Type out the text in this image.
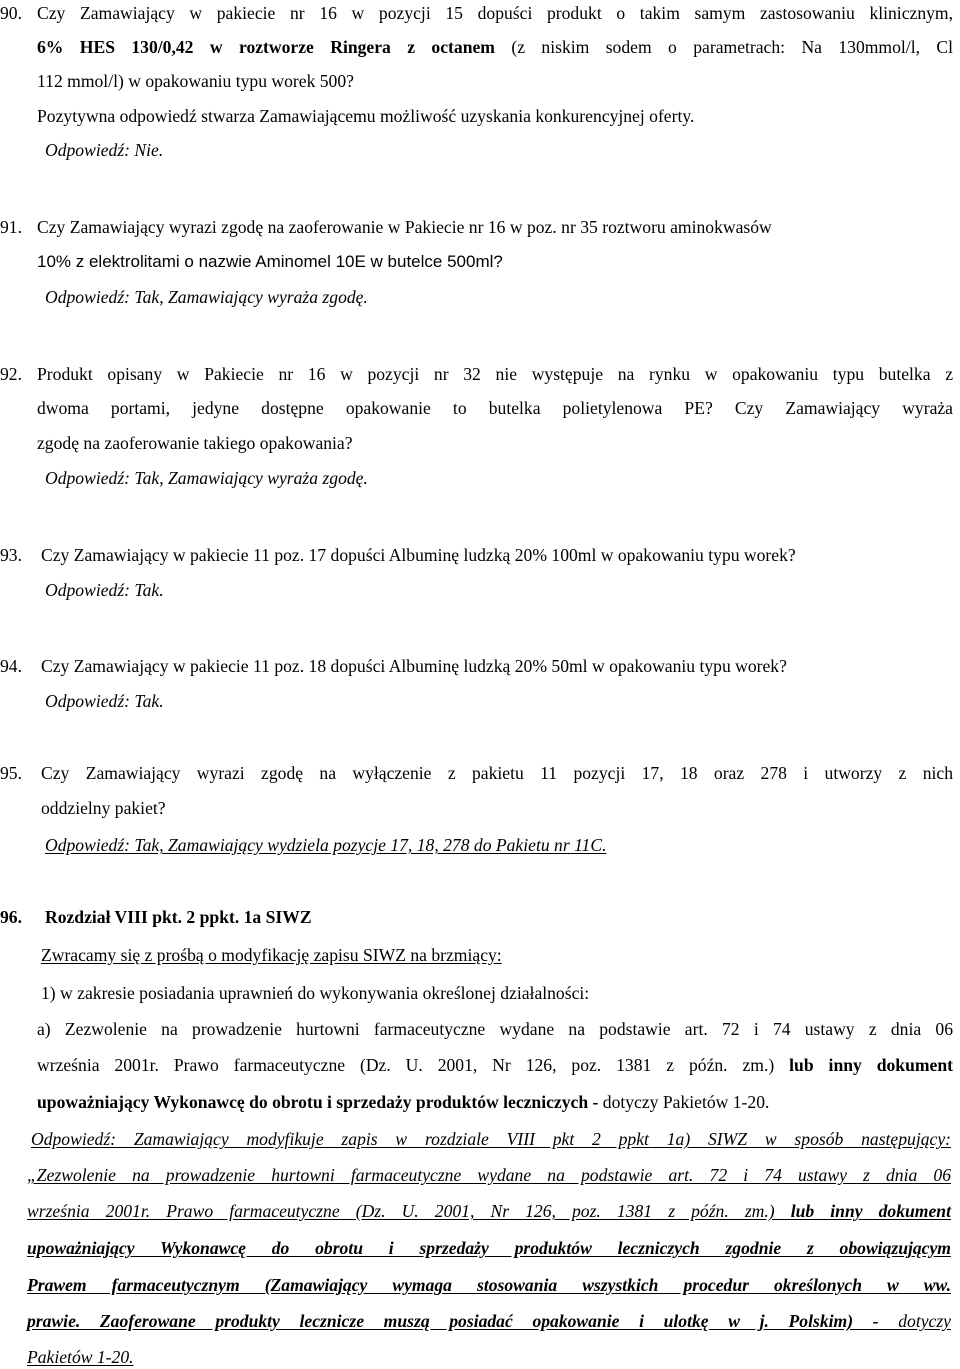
90. Czy Zamawiający w pakiecie nr 16 w pozycji 15 dopuści produkt o takim samym zastosowaniu klinicznym,
6% HES 130/0,42 w roztworze Ringera z octanem (z niskim sodem o parametrach: Na 130mmol/l, Cl
112 mmol/l) w opakowaniu typu worek 500?
Pozytywna odpowiedź stwarza Zamawiającemu możliwość uzyskania konkurencyjnej oferty.
Odpowiedź: Nie.
91. Czy Zamawiający wyrazi zgodę na zaoferowanie w Pakiecie nr 16 w poz. nr 35 roztworu aminokwasów
10% z elektrolitami o nazwie Aminomel 10E w butelce 500ml?
Odpowiedź: Tak, Zamawiający wyraża zgodę.
92. Produkt opisany w Pakiecie nr 16 w pozycji nr 32 nie występuje na rynku w opakowaniu typu butelka z
dwoma portami, jedyne dostępne opakowanie to butelka polietylenowa PE? Czy Zamawiający wyraża
zgodę na zaoferowanie takiego opakowania?
Odpowiedź: Tak, Zamawiający wyraża zgodę.
93. Czy Zamawiający w pakiecie 11 poz. 17 dopuści Albuminę ludzką 20% 100ml w opakowaniu typu worek?
Odpowiedź: Tak.
94. Czy Zamawiający w pakiecie 11 poz. 18 dopuści Albuminę ludzką 20% 50ml w opakowaniu typu worek?
Odpowiedź: Tak.
95. Czy Zamawiający wyrazi zgodę na wyłączenie z pakietu 11 pozycji 17, 18 oraz 278 i utworzy z nich
oddzielny pakiet?
Odpowiedź: Tak, Zamawiający wydziela pozycje 17, 18, 278 do Pakietu nr 11C.
96. Rozdział VIII pkt. 2 ppkt. 1a SIWZ
Zwracamy się z prośbą o modyfikację zapisu SIWZ na brzmiący:
1) w zakresie posiadania uprawnień do wykonywania określonej działalności:
a) Zezwolenie na prowadzenie hurtowni farmaceutyczne wydane na podstawie art. 72 i 74 ustawy z dnia 06
września 2001r. Prawo farmaceutyczne (Dz. U. 2001, Nr 126, poz. 1381 z późn. zm.) lub inny dokument
upoważniający Wykonawcę do obrotu i sprzedaży produktów leczniczych - dotyczy Pakietów 1-20.
Odpowiedź: Zamawiający modyfikuje zapis w rozdziale VIII pkt 2 ppkt 1a) SIWZ w sposób następujący:
„Zezwolenie na prowadzenie hurtowni farmaceutyczne wydane na podstawie art. 72 i 74 ustawy z dnia 06
września 2001r. Prawo farmaceutyczne (Dz. U. 2001, Nr 126, poz. 1381 z późn. zm.) lub inny dokument
upoważniający Wykonawcę do obrotu i sprzedaży produktów leczniczych zgodnie z obowiązującym
Prawem farmaceutycznym (Zamawiający wymaga stosowania wszystkich procedur określonych w ww.
prawie. Zaoferowane produkty lecznicze muszą posiadać opakowanie i ulotkę w j. Polskim) - dotyczy
Pakietów 1-20.
